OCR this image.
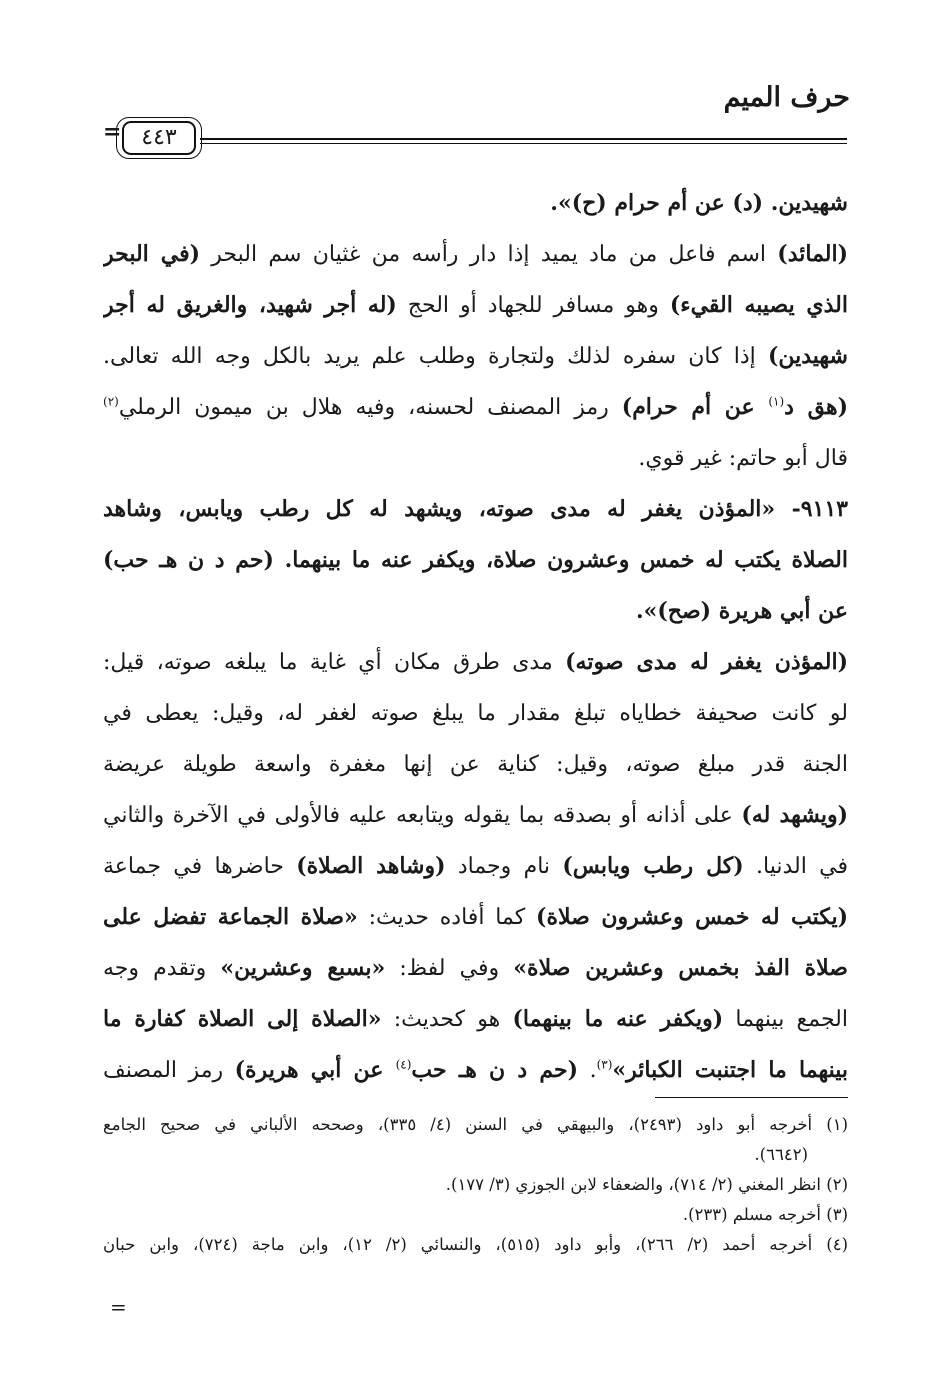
حرف الميم
٤٤٣
=
شهيدين. (د) عن أم حرام (ح)».
(المائد) اسم فاعل من ماد يميد إذا دار رأسه من غثيان سم البحر (في البحر
الذي يصيبه القيء) وهو مسافر للجهاد أو الحج (له أجر شهيد، والغريق له أجر
شهيدين) إذا كان سفره لذلك ولتجارة وطلب علم يريد بالكل وجه الله تعالى.
(هق د$^{(١)}$ عن أم حرام) رمز المصنف لحسنه، وفيه هلال بن ميمون الرملي$^{(٢)}$
قال أبو حاتم: غير قوي.
٩١١٣- «المؤذن يغفر له مدى صوته، ويشهد له كل رطب ويابس، وشاهد
الصلاة يكتب له خمس وعشرون صلاة، ويكفر عنه ما بينهما. (حم د ن هـ حب)
عن أبي هريرة (صح)».
(المؤذن يغفر له مدى صوته) مدى طرق مكان أي غاية ما يبلغه صوته، قيل:
لو كانت صحيفة خطاياه تبلغ مقدار ما يبلغ صوته لغفر له، وقيل: يعطى في
الجنة قدر مبلغ صوته، وقيل: كناية عن إنها مغفرة واسعة طويلة عريضة
(ويشهد له) على أذانه أو بصدقه بما يقوله ويتابعه عليه فالأولى في الآخرة والثاني
في الدنيا. (كل رطب ويابس) نام وجماد (وشاهد الصلاة) حاضرها في جماعة
(يكتب له خمس وعشرون صلاة) كما أفاده حديث: «صلاة الجماعة تفضل على
صلاة الفذ بخمس وعشرين صلاة» وفي لفظ: «بسبع وعشرين» وتقدم وجه
الجمع بينهما (ويكفر عنه ما بينهما) هو كحديث: «الصلاة إلى الصلاة كفارة ما
بينهما ما اجتنبت الكبائر»$^{(٣)}$. (حم د ن هـ حب$^{(٤)}$ عن أبي هريرة) رمز المصنف
(١) أخرجه أبو داود (٢٤٩٣)، والبيهقي في السنن (٤/ ٣٣٥)، وصححه الألباني في صحيح الجامع
(٦٦٤٢).
(٢) انظر المغني (٢/ ٧١٤)، والضعفاء لابن الجوزي (٣/ ١٧٧).
(٣) أخرجه مسلم (٢٣٣).
(٤) أخرجه أحمد (٢/ ٢٦٦)، وأبو داود (٥١٥)، والنسائي (٢/ ١٢)، وابن ماجة (٧٢٤)، وابن حبان
=
